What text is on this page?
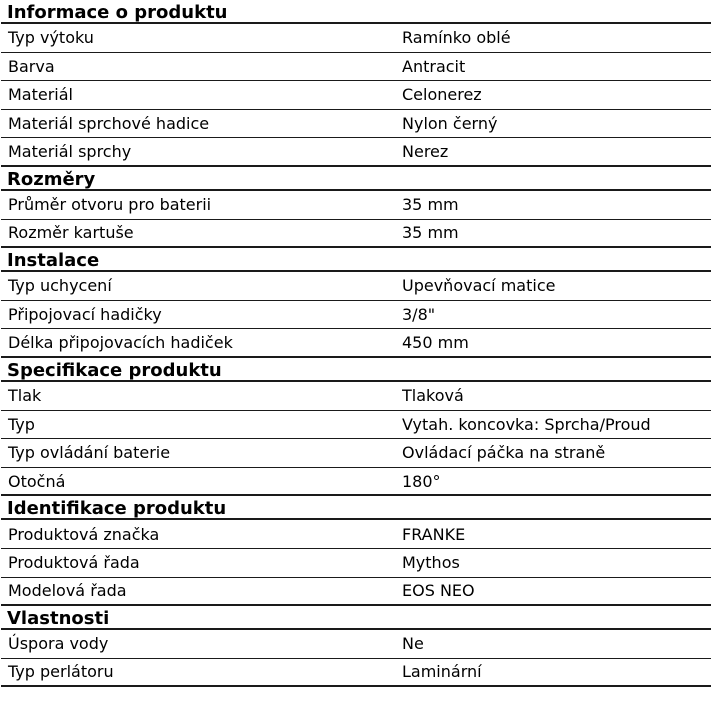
Informace o produktu
Typ výtoku	Ramínko oblé
Barva	Antracit
Materiál	Celonerez
Materiál sprchové hadice	Nylon černý
Materiál sprchy	Nerez
Rozměry
Průměr otvoru pro baterii	35 mm
Rozměr kartuše	35 mm
Instalace
Typ uchycení	Upevňovací matice
Připojovací hadičky	3/8"
Délka připojovacích hadiček	450 mm
Specifikace produktu
Tlak	Tlaková
Typ	Vytah. koncovka: Sprcha/Proud
Typ ovládání baterie	Ovládací páčka na straně
Otočná	180°
Identifikace produktu
Produktová značka	FRANKE
Produktová řada	Mythos
Modelová řada	EOS NEO
Vlastnosti
Úspora vody	Ne
Typ perlátoru	Laminární
